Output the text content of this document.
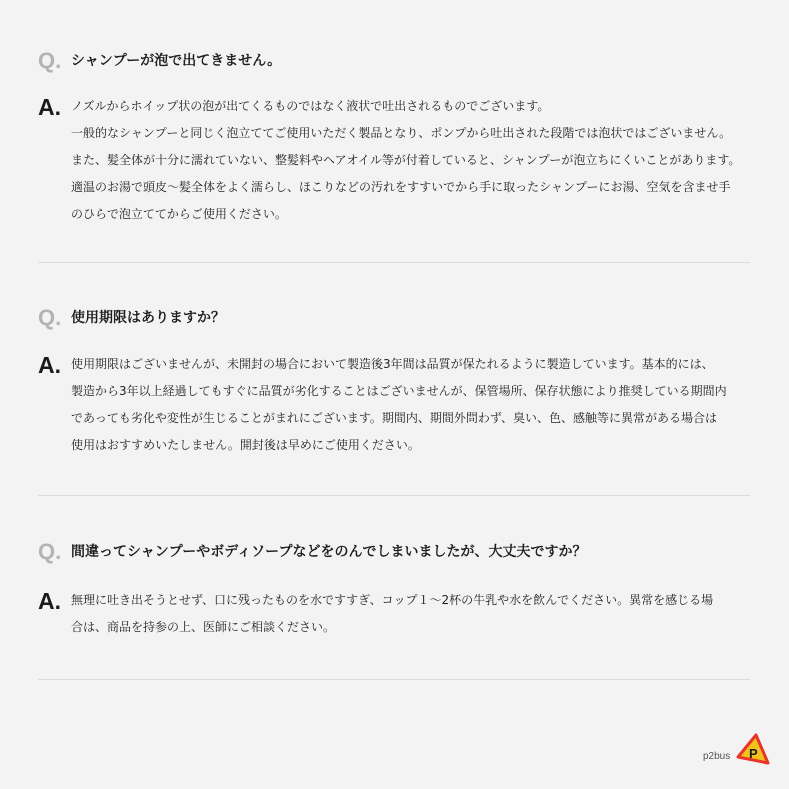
Q. シャンプーが泡で出てきません。
A. ノズルからホイップ状の泡が出てくるものではなく液状で吐出されるものでございます。
一般的なシャンプーと同じく泡立ててご使用いただく製品となり、ポンプから吐出された段階では泡状ではございません。
また、髪全体が十分に濡れていない、整髪料やヘアオイル等が付着していると、シャンプーが泡立ちにくいことがあります。
適温のお湯で頭皮〜髪全体をよく濡らし、ほこりなどの汚れをすすいでから手に取ったシャンプーにお湯、空気を含ませ手
のひらで泡立ててからご使用ください。
Q. 使用期限はありますか？
A. 使用期限はございませんが、未開封の場合において製造後3年間は品質が保たれるように製造しています。基本的には、
製造から3年以上経過してもすぐに品質が劣化することはございませんが、保管場所、保存状態により推奨している期間内
であっても劣化や変性が生じることがまれにございます。期間内、期間外問わず、臭い、色、感触等に異常がある場合は
使用はおすすめいたしません。開封後は早めにご使用ください。
Q. 間違ってシャンプーやボディソープなどをのんでしまいましたが、大丈夫ですか？
A. 無理に吐き出そうとせず、口に残ったものを水ですすぎ、コップ１〜2杯の牛乳や水を飲んでください。異常を感じる場
合は、商品を持参の上、医師にご相談ください。
p2bus P
